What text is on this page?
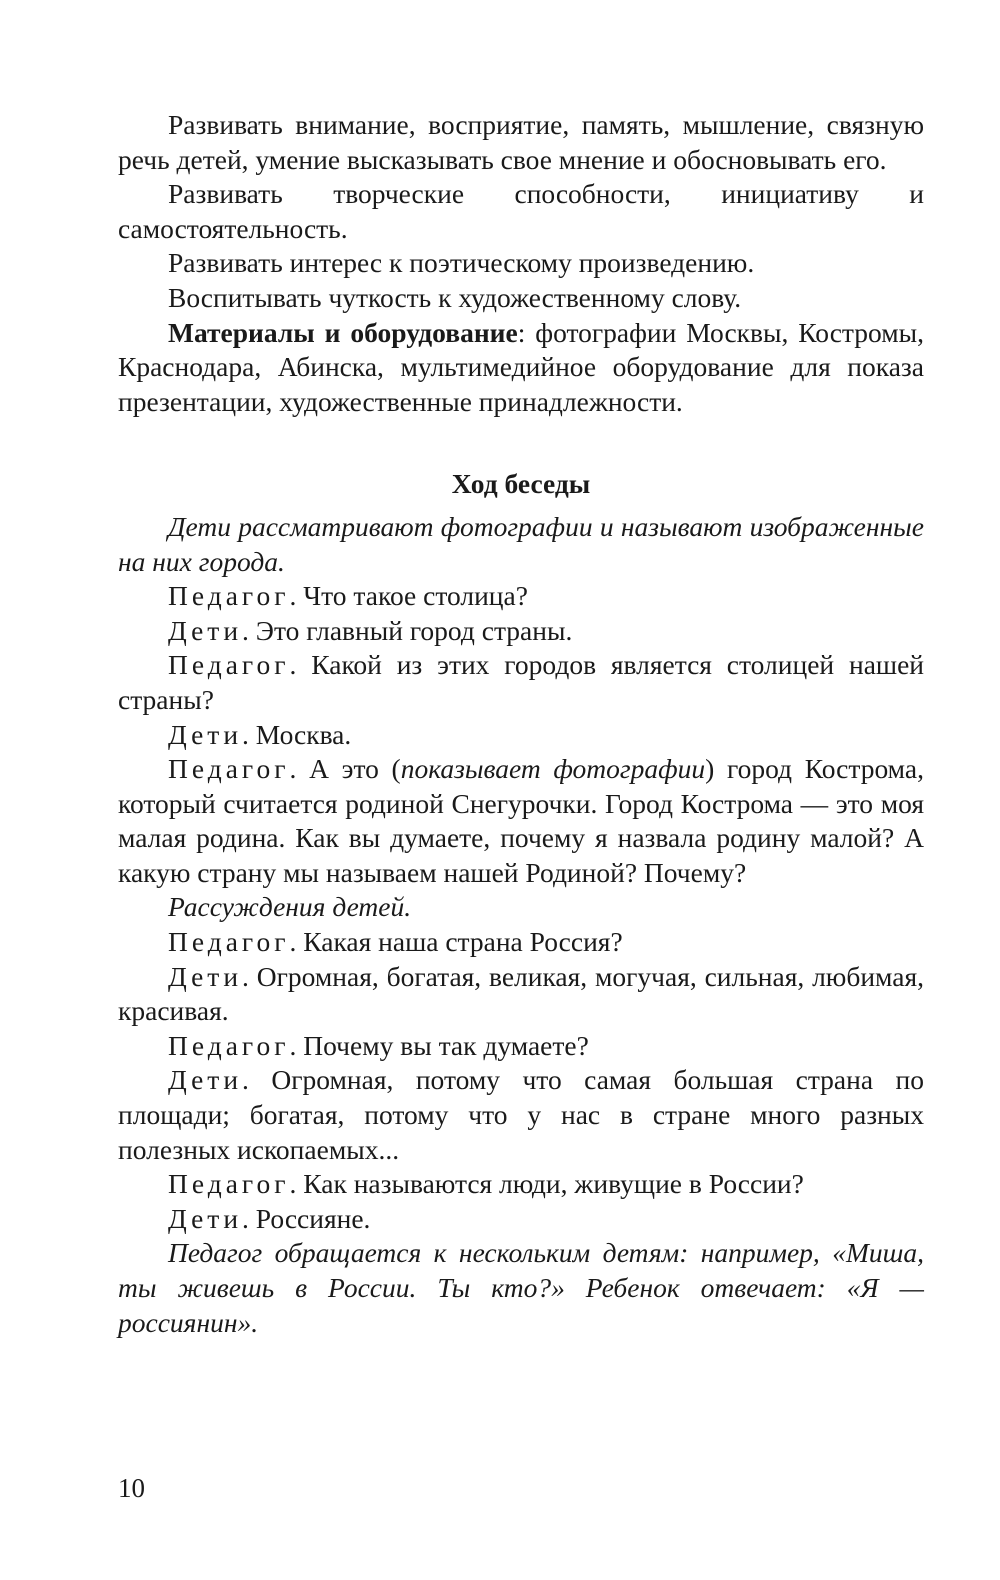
Развивать внимание, восприятие, память, мышление, связную речь детей, умение высказывать свое мнение и обосновывать его.

Развивать творческие способности, инициативу и самостоятельность.

Развивать интерес к поэтическому произведению.

Воспитывать чуткость к художественному слову.

Материалы и оборудование: фотографии Москвы, Костромы, Краснодара, Абинска, мультимедийное оборудование для показа презентации, художественные принадлежности.

Ход беседы

Дети рассматривают фотографии и называют изображенные на них города.

Педагог. Что такое столица?

Дети. Это главный город страны.

Педагог. Какой из этих городов является столицей нашей страны?

Дети. Москва.

Педагог. А это (показывает фотографии) город Кострома, который считается родиной Снегурочки. Город Кострома — это моя малая родина. Как вы думаете, почему я назвала родину малой? А какую страну мы называем нашей Родиной? Почему?

Рассуждения детей.

Педагог. Какая наша страна Россия?

Дети. Огромная, богатая, великая, могучая, сильная, любимая, красивая.

Педагог. Почему вы так думаете?

Дети. Огромная, потому что самая большая страна по площади; богатая, потому что у нас в стране много разных полезных ископаемых...

Педагог. Как называются люди, живущие в России?

Дети. Россияне.

Педагог обращается к нескольким детям: например, «Миша, ты живешь в России. Ты кто?» Ребенок отвечает: «Я — россиянин».

10
